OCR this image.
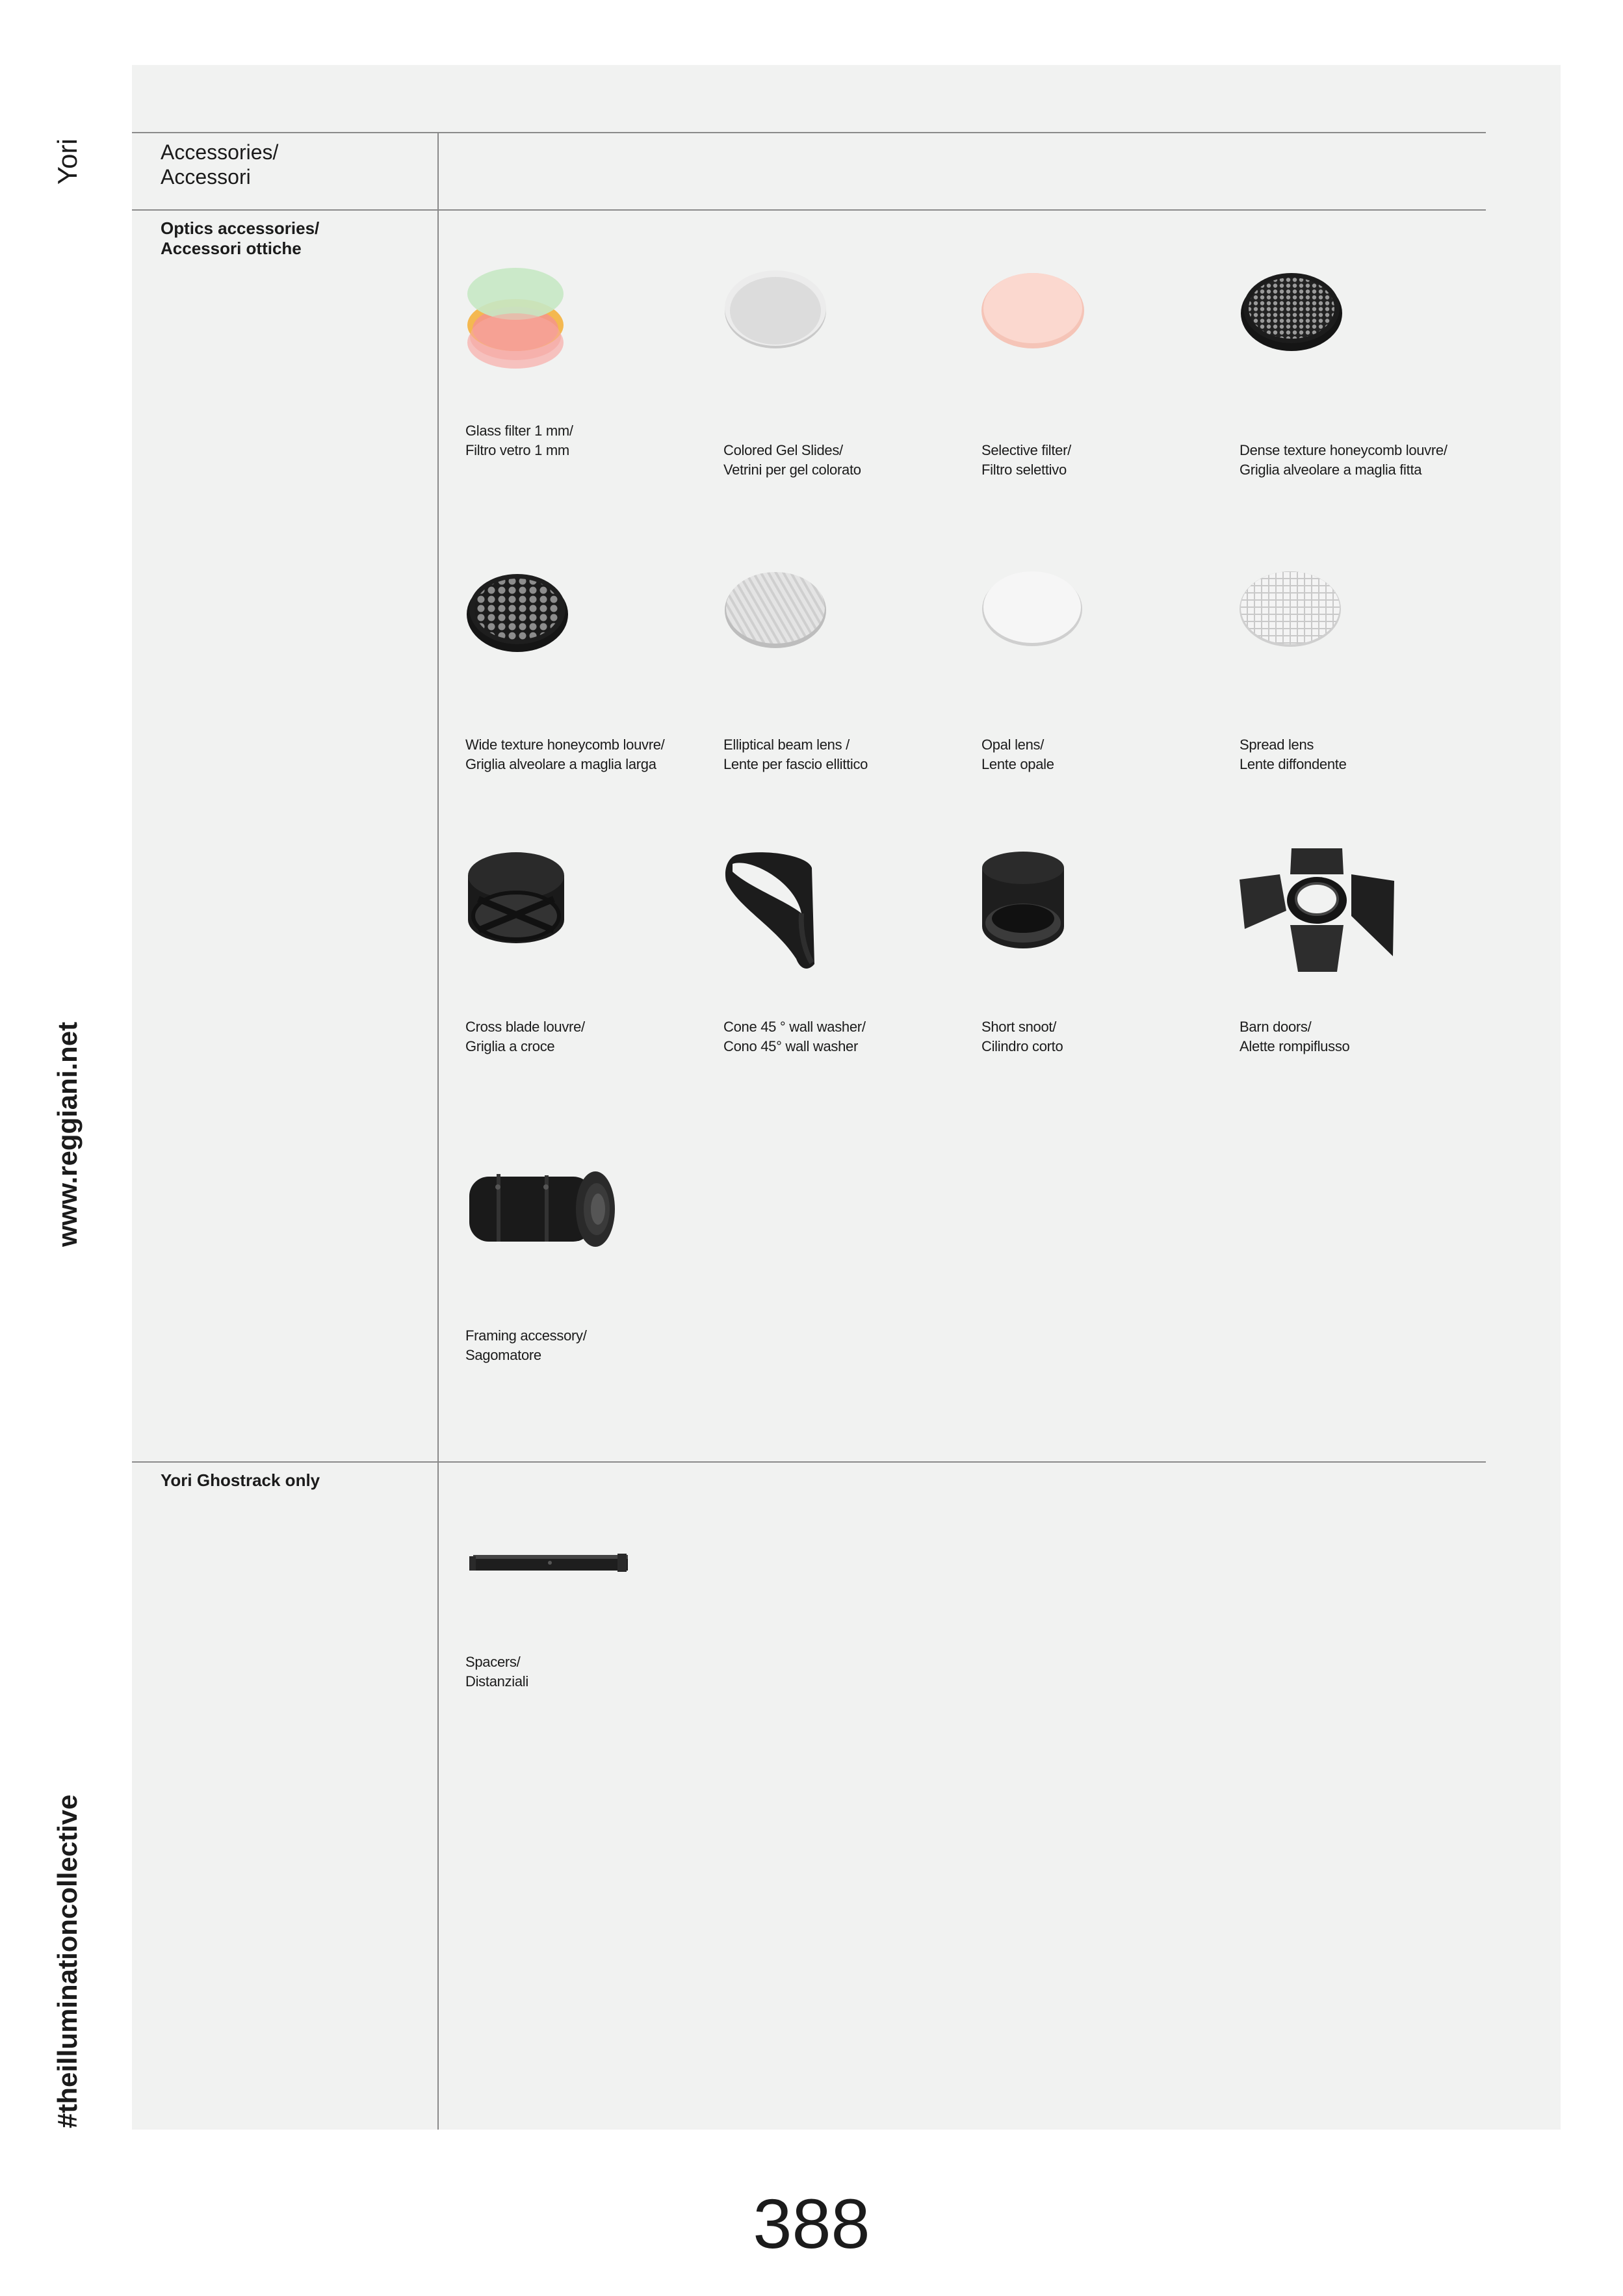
Yori
www.reggiani.net
#theilluminationcollective
Accessories/
Accessori
Optics accessories/
Accessori ottiche
Yori Ghostrack only
Glass filter 1 mm/
Filtro vetro 1 mm	Colored Gel Slides/
Vetrini per gel colorato
Selective filter/
Filtro selettivo
Dense texture honeycomb louvre/
Griglia alveolare a maglia fitta
Wide texture honeycomb louvre/
Griglia alveolare a maglia larga
Elliptical beam lens /
Lente per fascio ellittico
Opal lens/
Lente opale
Spread lens
Lente diffondente
Cross blade louvre/
Griglia a croce
Cone 45 ° wall washer/
Cono 45° wall washer
Short snoot/
Cilindro corto
Barn doors/
Alette rompiflusso
Framing accessory/
Sagomatore
Spacers/
Distanziali
388
